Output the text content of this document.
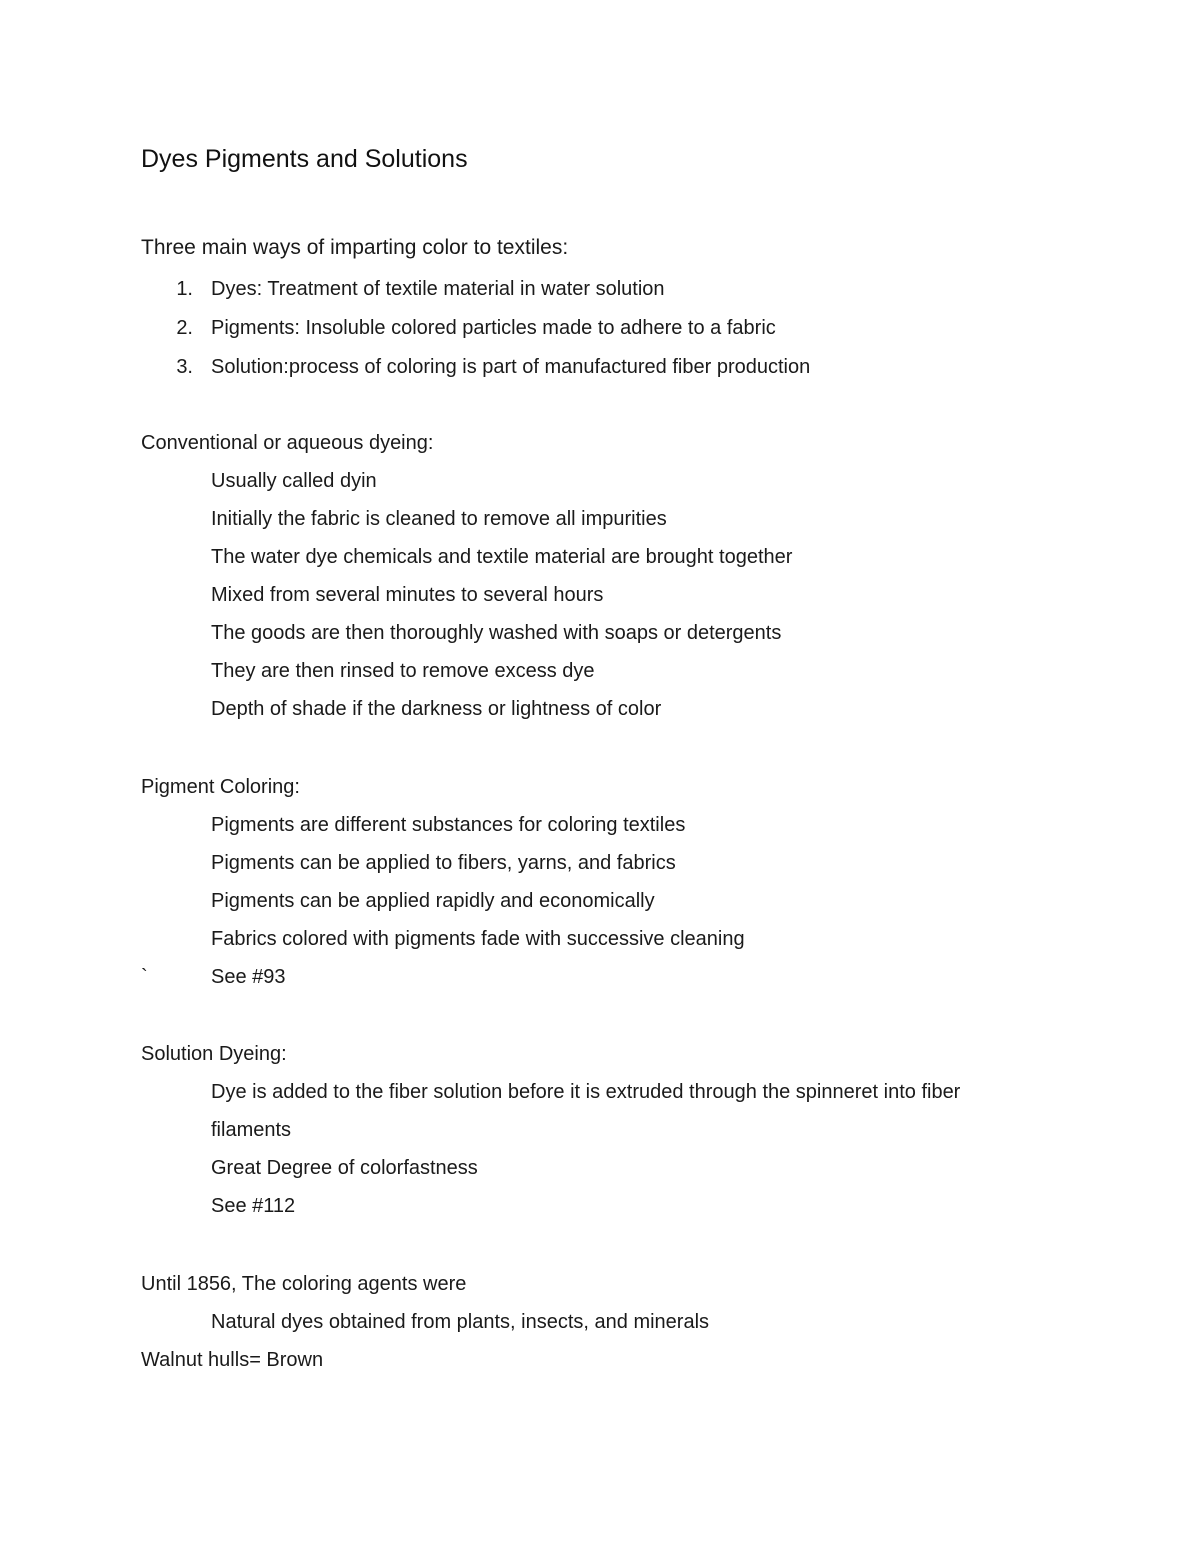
Dyes Pigments and Solutions
Three main ways of imparting color to textiles:
1. Dyes: Treatment of textile material in water solution
2. Pigments: Insoluble colored particles made to adhere to a fabric
3. Solution:process of coloring is part of manufactured fiber production
Conventional or aqueous dyeing:
Usually called dyin
Initially the fabric is cleaned to remove all impurities
The water dye chemicals and textile material are brought together
Mixed from several minutes to several hours
The goods are then thoroughly washed with soaps or detergents
They are then rinsed to remove excess dye
Depth of shade if the darkness or lightness of color
Pigment Coloring:
Pigments are different substances for coloring textiles
Pigments can be applied to fibers, yarns, and fabrics
Pigments can be applied rapidly and economically
Fabrics colored with pigments fade with successive cleaning
`	See #93
Solution Dyeing:
Dye is added to the fiber solution before it is extruded through the spinneret into fiber
filaments
Great Degree of colorfastness
See #112
Until 1856, The coloring agents were
Natural dyes obtained from plants, insects, and minerals
Walnut hulls= Brown
